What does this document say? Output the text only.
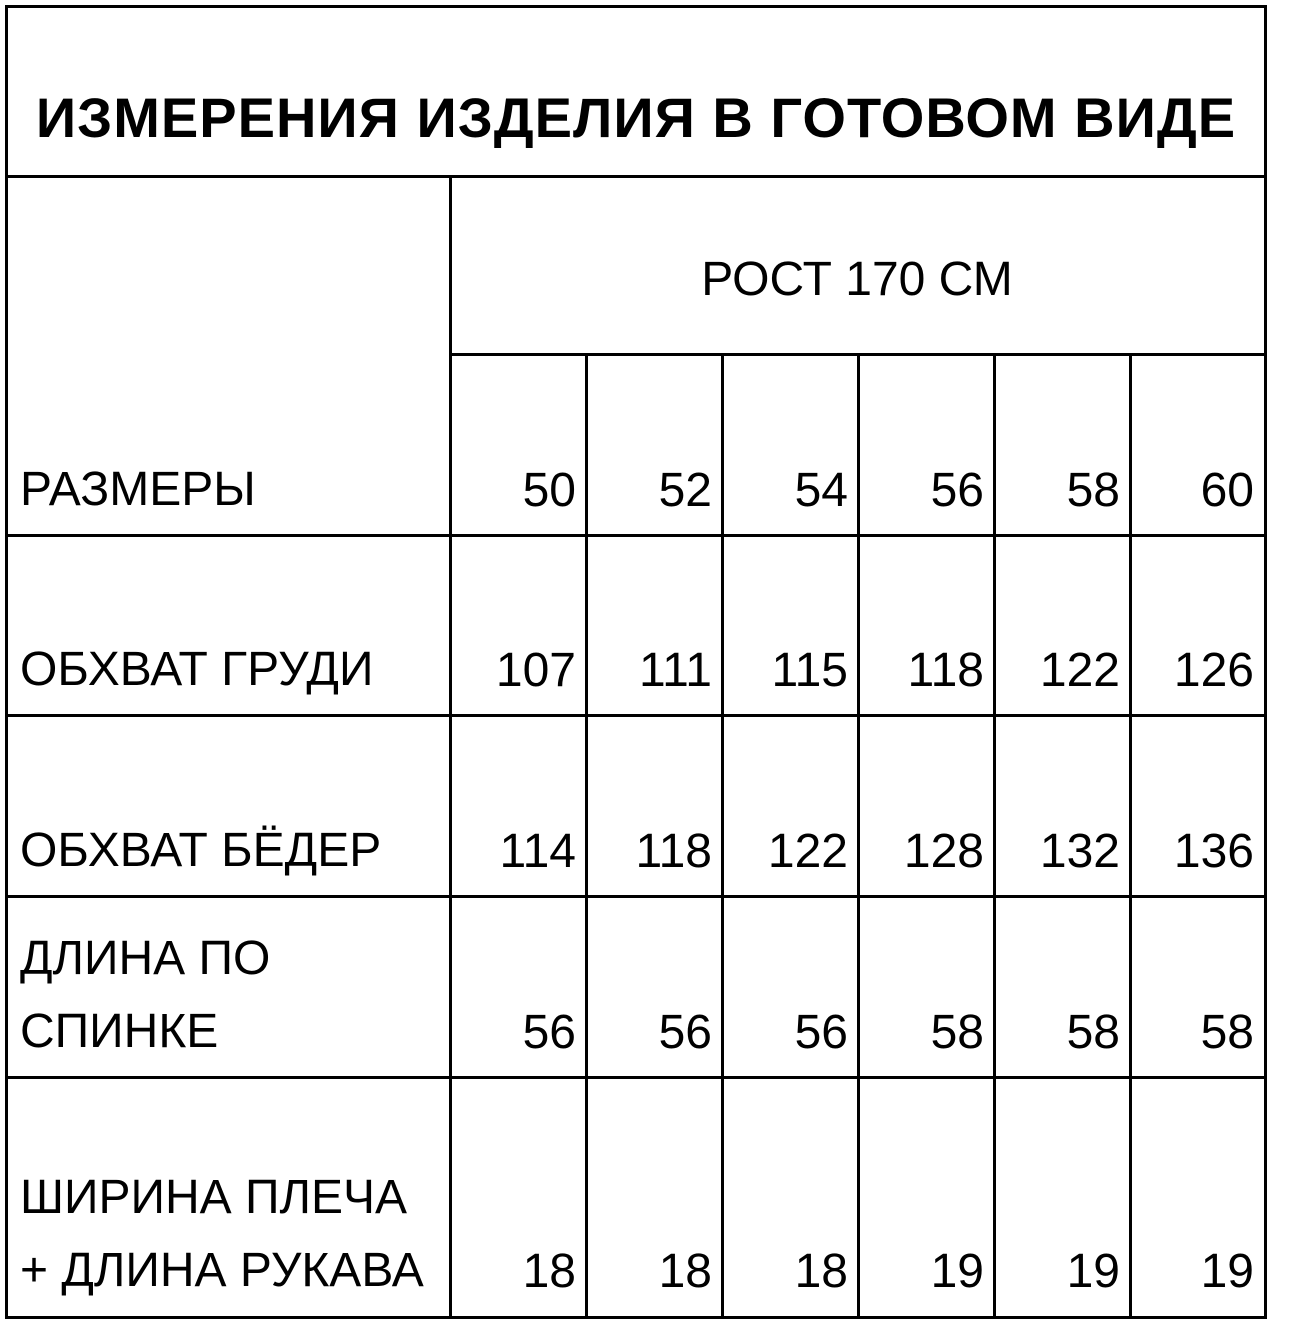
ИЗМЕРЕНИЯ ИЗДЕЛИЯ В ГОТОВОМ ВИДЕ
РОСТ 170 СМ
РАЗМЕРЫ	50	52	54	56	58	60
ОБХВАТ ГРУДИ	107	111	115	118	122	126
ОБХВАТ БЁДЕР	114	118	122	128	132	136
ДЛИНА ПО СПИНКЕ	56	56	56	58	58	58
ШИРИНА ПЛЕЧА + ДЛИНА РУКАВА	18	18	18	19	19	19
